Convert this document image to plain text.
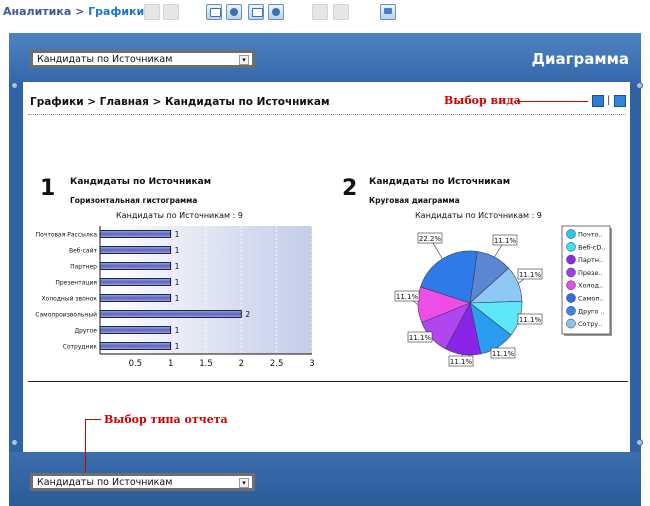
Аналитика > Графики
Диаграмма
Кандидаты по Источникам	▾
Графики > Главная > Кандидаты по Источникам	Выбор вида	|
1 Кандидаты по Источникам
Горизонтальная гистограмма
Кандидаты по Источникам : 9
2 Кандидаты по Источникам
Круговая диаграмма
Кандидаты по Источникам : 9
0.5	1	1.5	2	2.5	3
Почтовая Рассылка	1
Веб-сайт	1
Партнер	1
Презентация	1
Холодный звонок	1
Самопроизвольный	2
Другое	1
Сотрудник	1
11.1%
11.1%
11.1%
11.1%
11.1%
11.1%
11.1%
22.2%
Почто..
Веб-сD..
Партн..
Презе..
Холод..
Самоп..
Друго ..
Сотру..
Выбор типа отчета
Кандидаты по Источникам	▾
